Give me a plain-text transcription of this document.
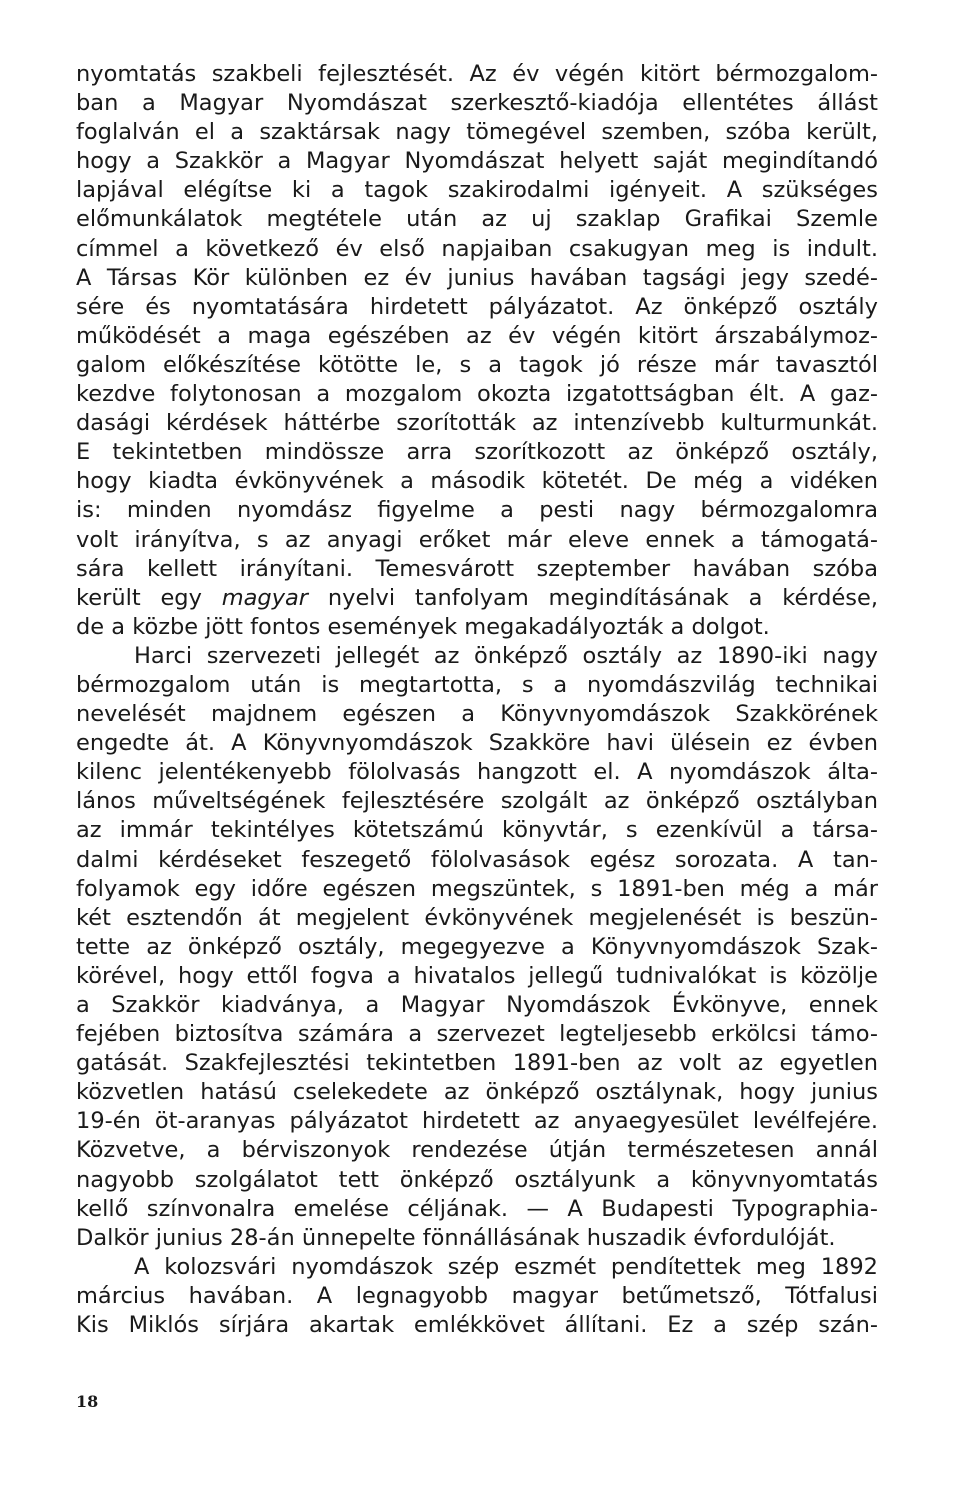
nyomtatás szakbeli fejlesztését. Az év végén kitört bérmozgalom-
ban a Magyar Nyomdászat szerkesztő-kiadója ellentétes állást
foglalván el a szaktársak nagy tömegével szemben, szóba került,
hogy a Szakkör a Magyar Nyomdászat helyett saját megindítandó
lapjával elégítse ki a tagok szakirodalmi igényeit. A szükséges
előmunkálatok megtétele után az uj szaklap Grafikai Szemle
címmel a következő év első napjaiban csakugyan meg is indult.
A Társas Kör különben ez év junius havában tagsági jegy szedé-
sére és nyomtatására hirdetett pályázatot. Az önképző osztály
működését a maga egészében az év végén kitört árszabálymoz-
galom előkészítése kötötte le, s a tagok jó része már tavasztól
kezdve folytonosan a mozgalom okozta izgatottságban élt. A gaz-
dasági kérdések háttérbe szorították az intenzívebb kulturmunkát.
E tekintetben mindössze arra szorítkozott az önképző osztály,
hogy kiadta évkönyvének a második kötetét. De még a vidéken
is: minden nyomdász figyelme a pesti nagy bérmozgalomra
volt irányítva, s az anyagi erőket már eleve ennek a támogatá-
sára kellett irányítani. Temesvárott szeptember havában szóba
került egy magyar nyelvi tanfolyam megindításának a kérdése,
de a közbe jött fontos események megakadályozták a dolgot.
Harci szervezeti jellegét az önképző osztály az 1890-iki nagy
bérmozgalom után is megtartotta, s a nyomdászvilág technikai
nevelését majdnem egészen a Könyvnyomdászok Szakkörének
engedte át. A Könyvnyomdászok Szakköre havi ülésein ez évben
kilenc jelentékenyebb fölolvasás hangzott el. A nyomdászok álta-
lános műveltségének fejlesztésére szolgált az önképző osztályban
az immár tekintélyes kötetszámú könyvtár, s ezenkívül a társa-
dalmi kérdéseket feszegető fölolvasások egész sorozata. A tan-
folyamok egy időre egészen megszüntek, s 1891-ben még a már
két esztendőn át megjelent évkönyvének megjelenését is beszün-
tette az önképző osztály, megegyezve a Könyvnyomdászok Szak-
körével, hogy ettől fogva a hivatalos jellegű tudnivalókat is közölje
a Szakkör kiadványa, a Magyar Nyomdászok Évkönyve, ennek
fejében biztosítva számára a szervezet legteljesebb erkölcsi támo-
gatását. Szakfejlesztési tekintetben 1891-ben az volt az egyetlen
közvetlen hatású cselekedete az önképző osztálynak, hogy junius
19-én öt-aranyas pályázatot hirdetett az anyaegyesület levélfejére.
Közvetve, a bérviszonyok rendezése útján természetesen annál
nagyobb szolgálatot tett önképző osztályunk a könyvnyomtatás
kellő színvonalra emelése céljának. — A Budapesti Typographia-
Dalkör junius 28-án ünnepelte fönnállásának huszadik évfordulóját.
A kolozsvári nyomdászok szép eszmét pendítettek meg 1892
március havában. A legnagyobb magyar betűmetsző, Tótfalusi
Kis Miklós sírjára akartak emlékkövet állítani. Ez a szép szán-
18
